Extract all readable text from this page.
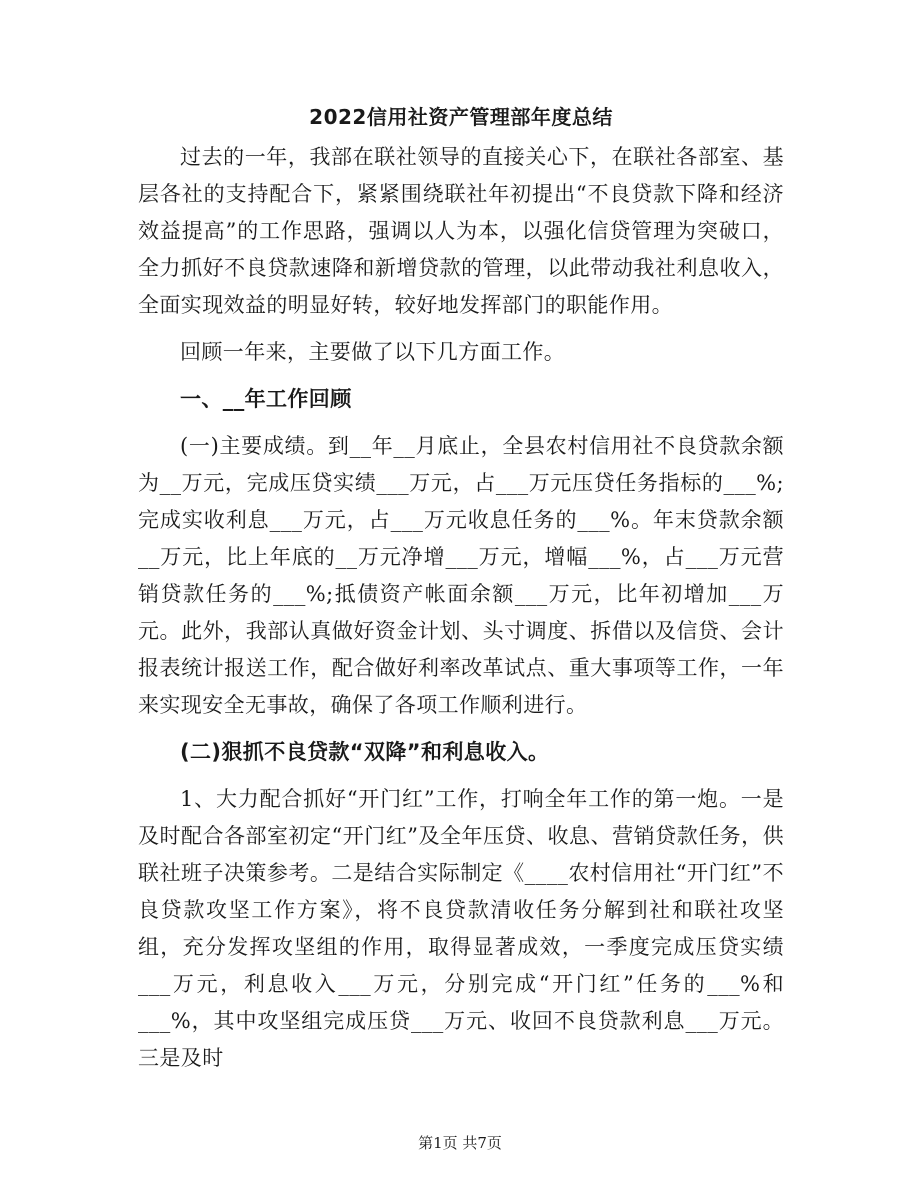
2022信用社资产管理部年度总结

过去的一年，我部在联社领导的直接关心下，在联社各部室、基层各社的支持配合下，紧紧围绕联社年初提出“不良贷款下降和经济效益提高”的工作思路，强调以人为本，以强化信贷管理为突破口，全力抓好不良贷款速降和新增贷款的管理，以此带动我社利息收入，全面实现效益的明显好转，较好地发挥部门的职能作用。

回顾一年来，主要做了以下几方面工作。

一、__年工作回顾

(一)主要成绩。到__年__月底止，全县农村信用社不良贷款余额为__万元，完成压贷实绩___万元，占___万元压贷任务指标的___%;完成实收利息___万元，占___万元收息任务的___%。年末贷款余额__万元，比上年底的__万元净增___万元，增幅___%，占___万元营销贷款任务的___%;抵债资产帐面余额___万元，比年初增加___万元。此外，我部认真做好资金计划、头寸调度、拆借以及信贷、会计报表统计报送工作，配合做好利率改革试点、重大事项等工作，一年来实现安全无事故，确保了各项工作顺利进行。

(二)狠抓不良贷款“双降”和利息收入。

1、大力配合抓好“开门红”工作，打响全年工作的第一炮。一是及时配合各部室初定“开门红”及全年压贷、收息、营销贷款任务，供联社班子决策参考。二是结合实际制定《____农村信用社“开门红”不良贷款攻坚工作方案》，将不良贷款清收任务分解到社和联社攻坚组，充分发挥攻坚组的作用，取得显著成效，一季度完成压贷实绩___万元，利息收入___万元，分别完成“开门红”任务的___%和___%，其中攻坚组完成压贷___万元、收回不良贷款利息___万元。三是及时

第1页 共7页
